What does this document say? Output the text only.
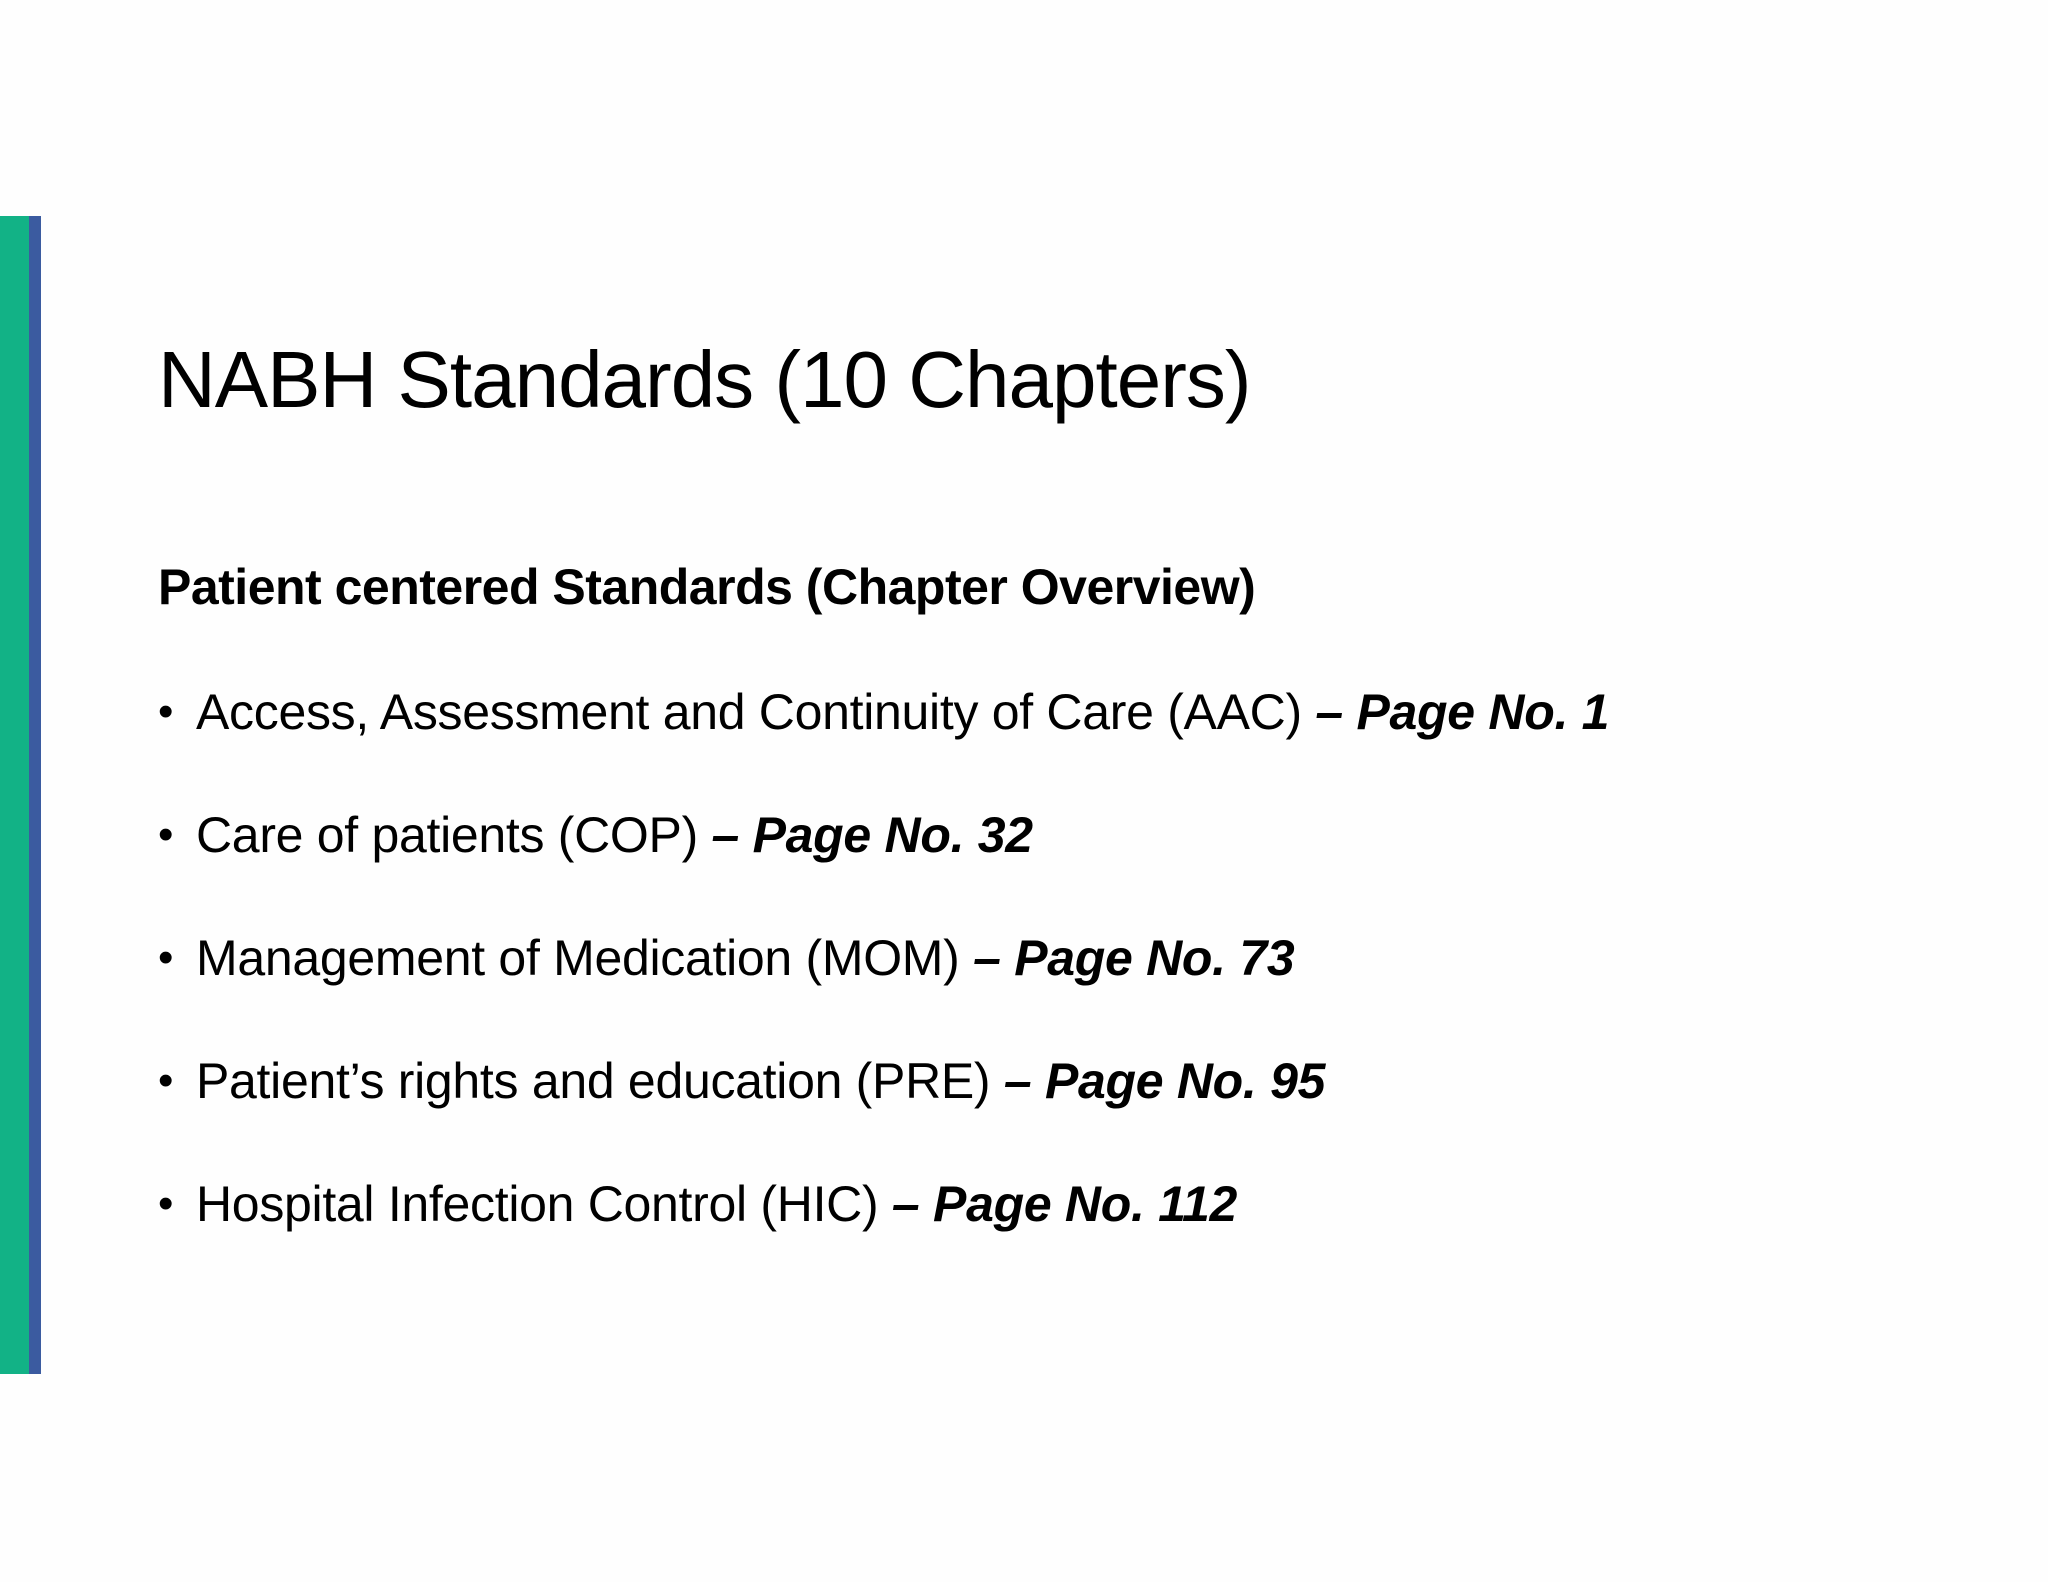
NABH Standards (10 Chapters)
Patient centered Standards (Chapter Overview)
• Access, Assessment and Continuity of Care (AAC) – Page No. 1
• Care of patients (COP) – Page No. 32
• Management of Medication (MOM) – Page No. 73
• Patient’s rights and education (PRE) – Page No. 95
• Hospital Infection Control (HIC) – Page No. 112
